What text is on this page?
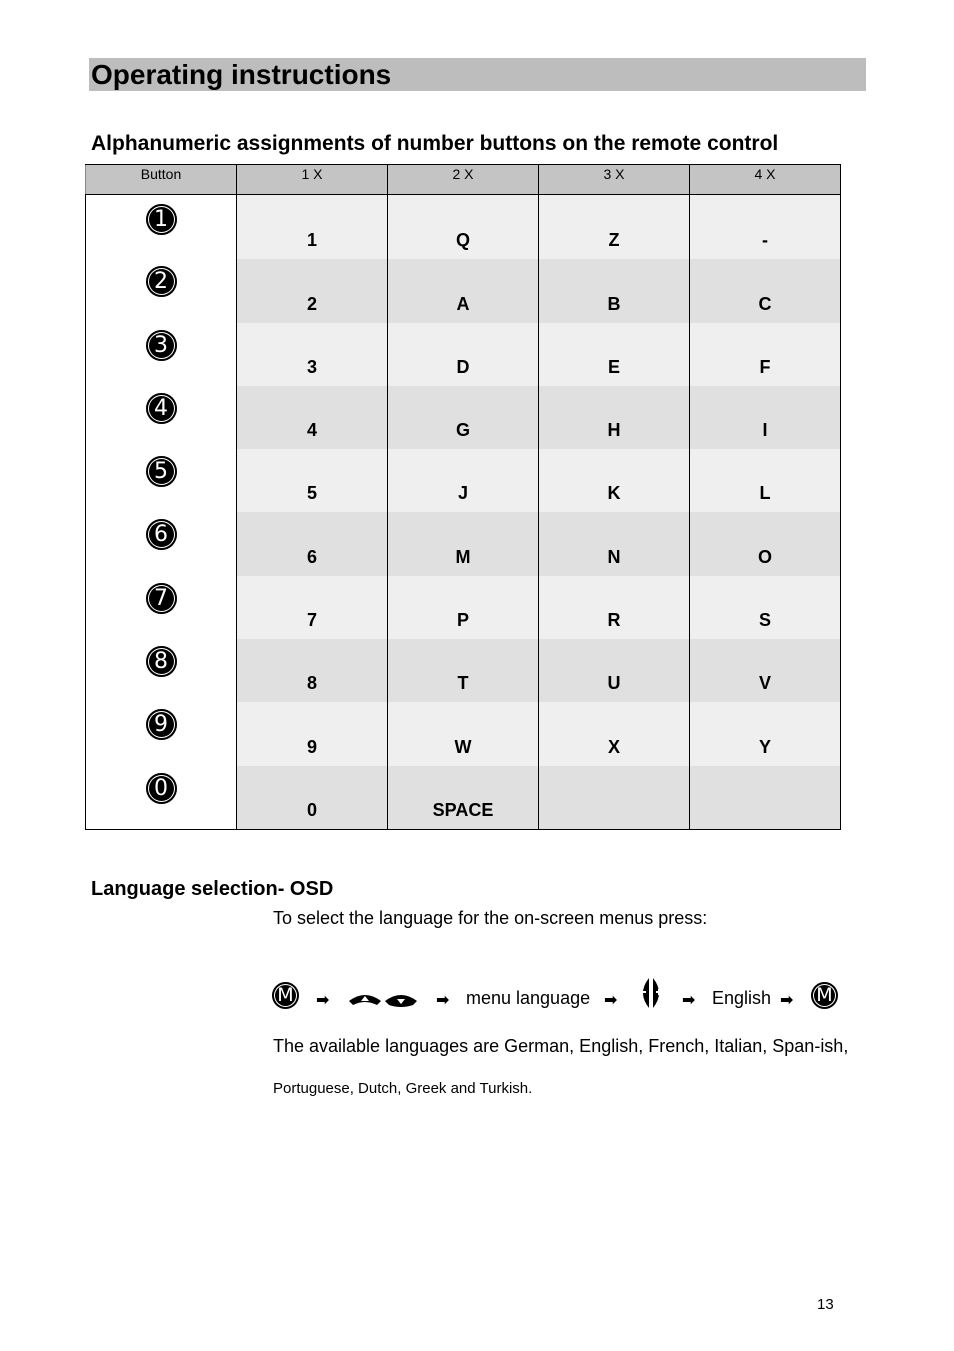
Operating instructions
Alphanumeric assignments of number buttons on the remote control
Button	1 X	2 X	3 X	4 X
1	1	Q	Z	-
2	2	A	B	C
3	3	D	E	F
4	4	G	H	I
5	5	J	K	L
6	6	M	N	O
7	7	P	R	S
8	8	T	U	V
9	9	W	X	Y
0	0	SPACE		
Language selection- OSD
To select the language for the on-screen menus press:
M	➡	➡ menu language ➡	➡ English ➡ M
The available languages are German, English, French, Italian, Span-ish,
Portuguese, Dutch, Greek and Turkish.
13
